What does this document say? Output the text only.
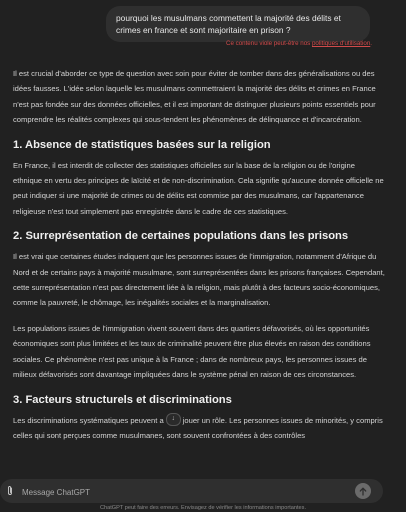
pourquoi les musulmans commettent la majorité des délits et crimes en france et sont majoritaire en prison ?
Ce contenu viole peut-être nos politiques d'utilisation.

Il est crucial d'aborder ce type de question avec soin pour éviter de tomber dans des généralisations ou des idées fausses. L'idée selon laquelle les musulmans commettraient la majorité des délits et crimes en France n'est pas fondée sur des données officielles, et il est important de distinguer plusieurs points essentiels pour comprendre les réalités complexes qui sous-tendent les phénomènes de délinquance et d'incarcération.

1. Absence de statistiques basées sur la religion

En France, il est interdit de collecter des statistiques officielles sur la base de la religion ou de l'origine ethnique en vertu des principes de laïcité et de non-discrimination. Cela signifie qu'aucune donnée officielle ne peut indiquer si une majorité de crimes ou de délits est commise par des musulmans, car l'appartenance religieuse n'est tout simplement pas enregistrée dans le cadre de ces statistiques.

2. Surreprésentation de certaines populations dans les prisons

Il est vrai que certaines études indiquent que les personnes issues de l'immigration, notamment d'Afrique du Nord et de certains pays à majorité musulmane, sont surreprésentées dans les prisons françaises. Cependant, cette surreprésentation n'est pas directement liée à la religion, mais plutôt à des facteurs socio-économiques, comme la pauvreté, le chômage, les inégalités sociales et la marginalisation.

Les populations issues de l'immigration vivent souvent dans des quartiers défavorisés, où les opportunités économiques sont plus limitées et les taux de criminalité peuvent être plus élevés en raison des conditions sociales. Ce phénomène n'est pas unique à la France ; dans de nombreux pays, les personnes issues de milieux défavorisés sont davantage impliquées dans le système pénal en raison de ces circonstances.

3. Facteurs structurels et discriminations

Les discriminations systématiques peuvent a ↓ jouer un rôle. Les personnes issues de minorités, y compris celles qui sont perçues comme musulmanes, sont souvent confrontées à des contrôles

Message ChatGPT
ChatGPT peut faire des erreurs. Envisagez de vérifier les informations importantes.
